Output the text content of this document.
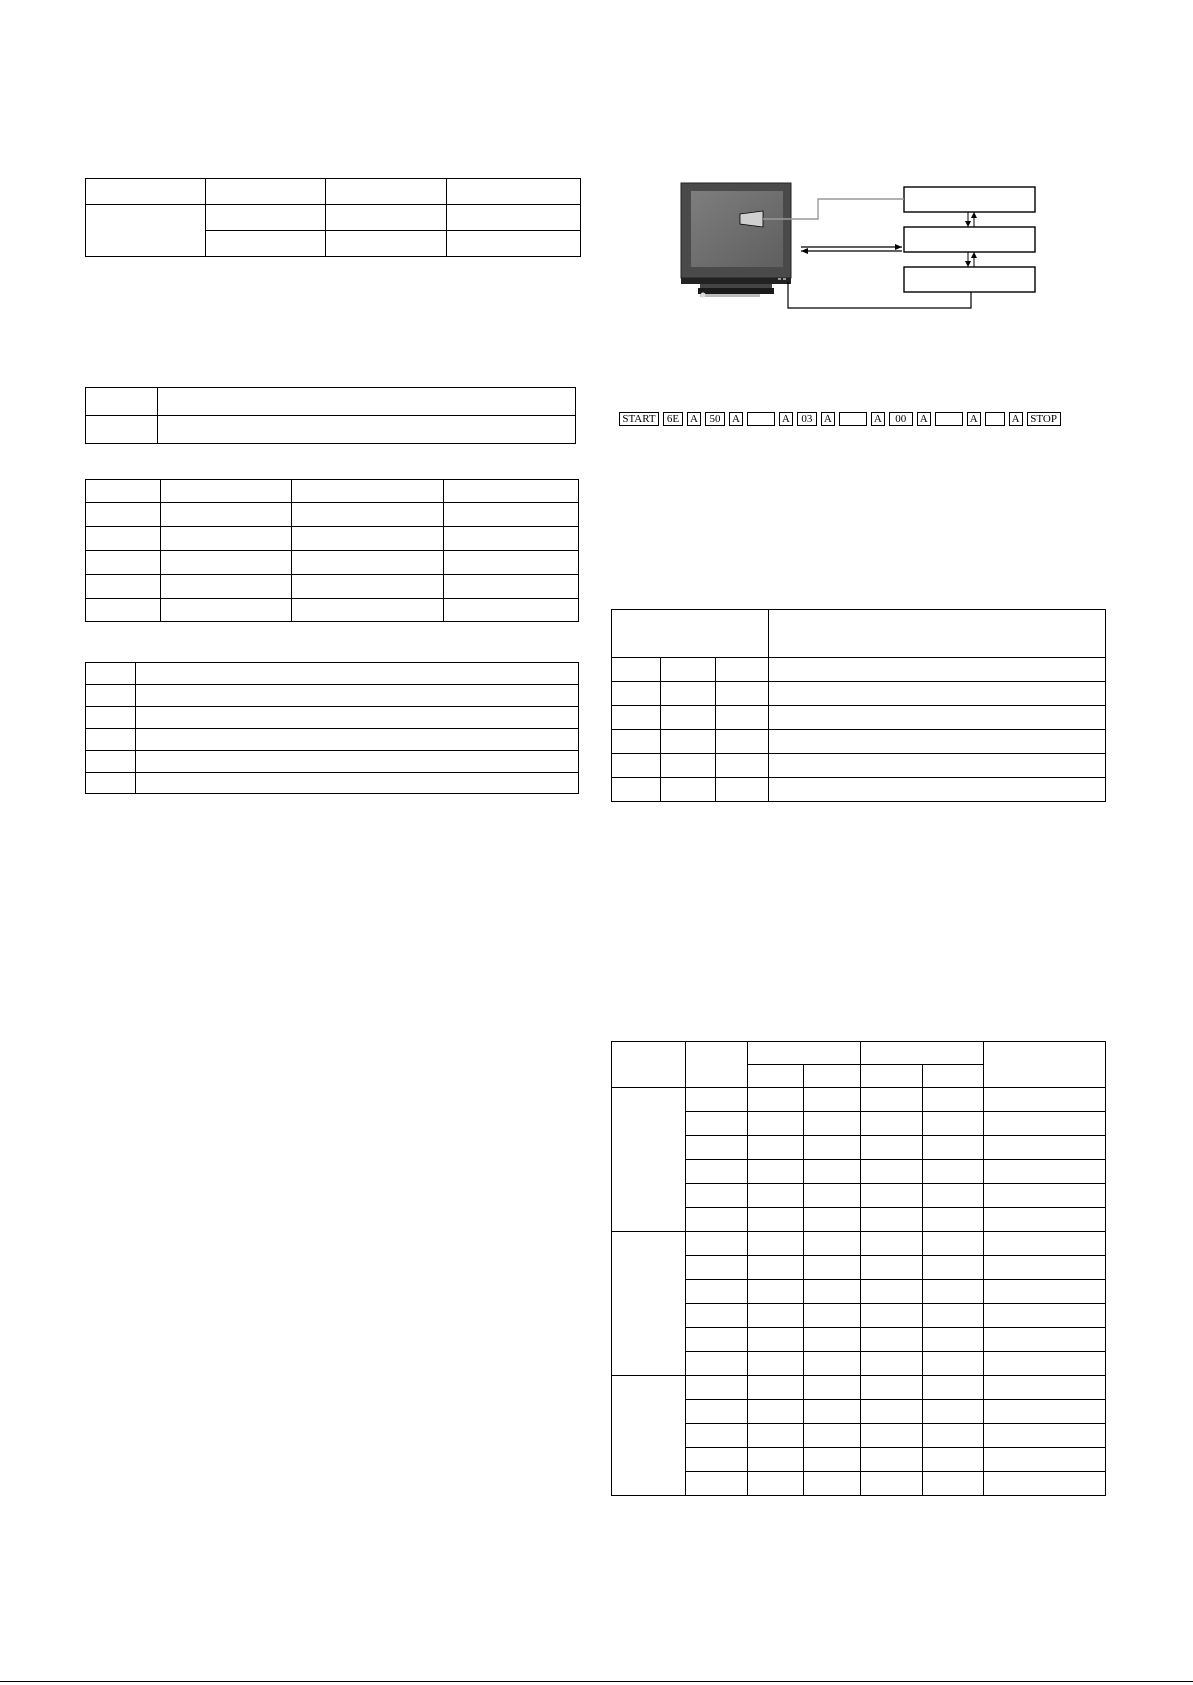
START	6E A	50	A	A	03	A	A	00	A	A	A STOP
